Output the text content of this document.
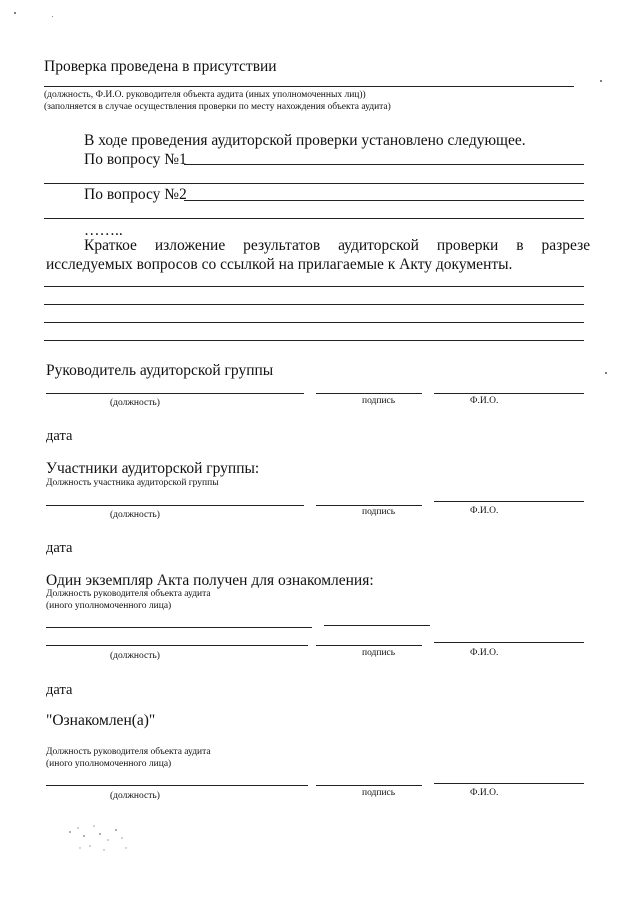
Проверка проведена в присутствии
(должность, Ф.И.О. руководителя объекта аудита (иных уполномоченных лиц))
(заполняется в случае осуществления проверки по месту нахождения объекта аудита)
В ходе проведения аудиторской проверки установлено следующее.
По вопросу №1
По вопросу №2
……..
Краткое изложение результатов аудиторской проверки в разрезе
исследуемых вопросов со ссылкой на прилагаемые к Акту документы.
Руководитель аудиторской группы
(должность)	подпись	Ф.И.О.
дата
Участники аудиторской группы:
Должность участника аудиторской группы
(должность)	подпись	Ф.И.О.
дата
Один экземпляр Акта получен для ознакомления:
Должность руководителя объекта аудита
(иного уполномоченного лица)
(должность)	подпись	Ф.И.О.
дата
"Ознакомлен(а)"
Должность руководителя объекта аудита
(иного уполномоченного лица)
(должность)	подпись	Ф.И.О.
